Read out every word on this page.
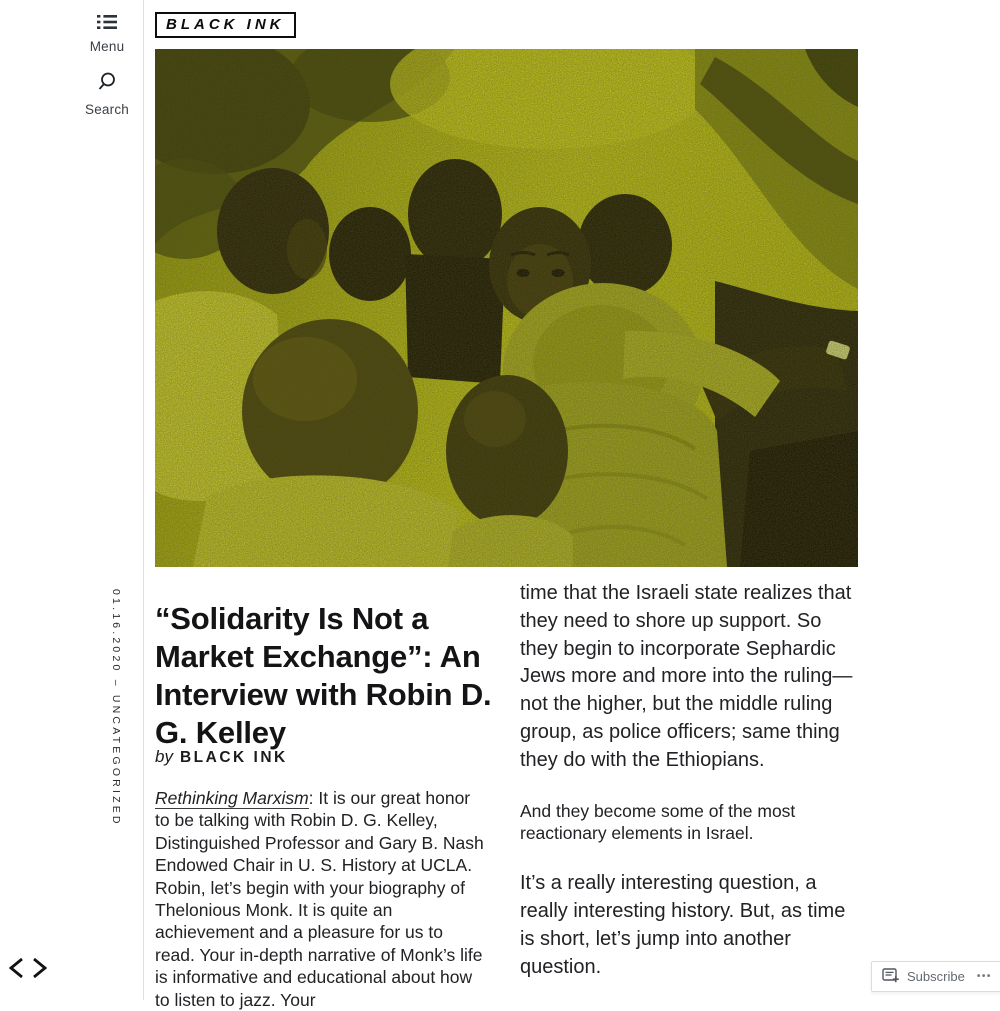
Menu
Search
BLACK INK
01.16.2020 – UNCATEGORIZED
“Solidarity Is Not a Market Exchange”: An Interview with Robin D. G. Kelley
by BLACK INK

Rethinking Marxism: It is our great honor to be talking with Robin D. G. Kelley, Distinguished Professor and Gary B. Nash Endowed Chair in U. S. History at UCLA. Robin, let’s begin with your biography of Thelonious Monk. It is quite an achievement and a pleasure for us to read. Your in-depth narrative of Monk’s life is informative and educational about how to listen to jazz. Your

time that the Israeli state realizes that they need to shore up support. So they begin to incorporate Sephardic Jews more and more into the ruling—not the higher, but the middle ruling group, as police officers; same thing they do with the Ethiopians.

And they become some of the most reactionary elements in Israel.

It’s a really interesting question, a really interesting history. But, as time is short, let’s jump into another question.	Subscribe •••
